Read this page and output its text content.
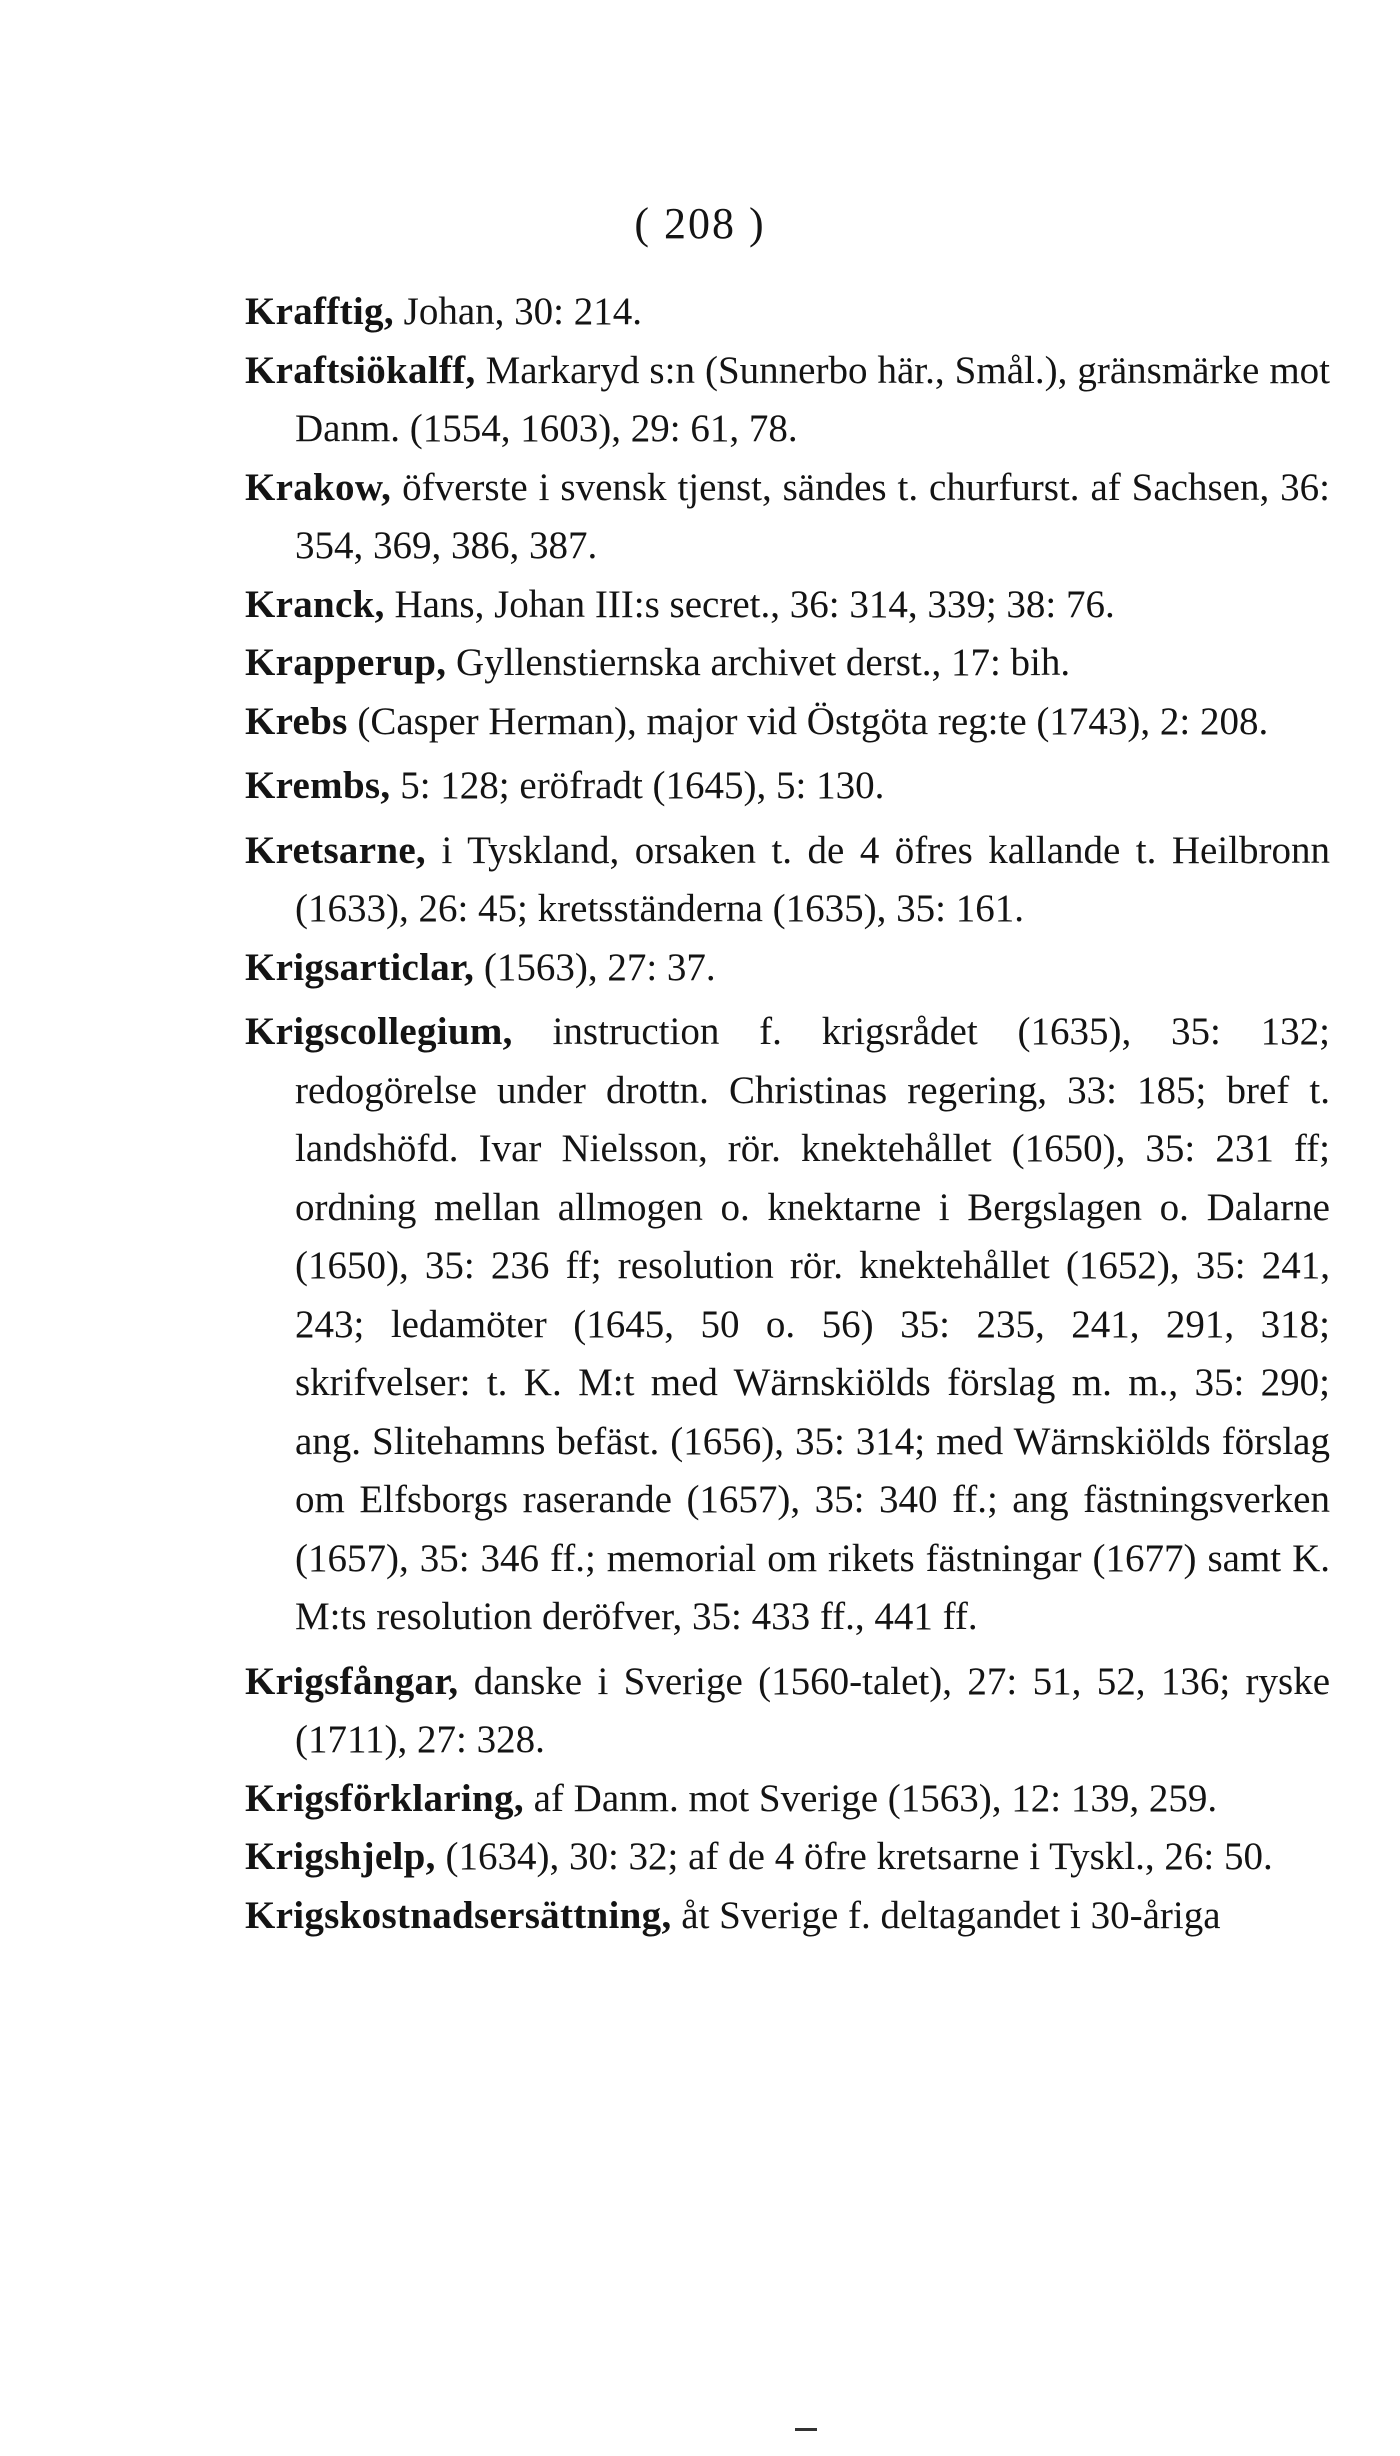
( 208 )

Krafftig, Johan, 30: 214.

Kraftsiökalff, Markaryd s:n (Sunnerbo här., Smål.), gränsmärke mot Danm. (1554, 1603), 29: 61, 78.

Krakow, öfverste i svensk tjenst, sändes t. churfurst. af Sachsen, 36: 354, 369, 386, 387.

Kranck, Hans, Johan III:s secret., 36: 314, 339; 38: 76.

Krapperup, Gyllenstiernska archivet derst., 17: bih.

Krebs (Casper Herman), major vid Östgöta reg:te (1743), 2: 208.

Krembs, 5: 128; eröfradt (1645), 5: 130.

Kretsarne, i Tyskland, orsaken t. de 4 öfres kallande t. Heilbronn (1633), 26: 45; kretsständerna (1635), 35: 161.

Krigsarticlar, (1563), 27: 37.

Krigscollegium, instruction f. krigsrådet (1635), 35: 132; redogörelse under drottn. Christinas regering, 33: 185; bref t. landshöfd. Ivar Nielsson, rör. knektehållet (1650), 35: 231 ff; ordning mellan allmogen o. knektarne i Bergslagen o. Dalarne (1650), 35: 236 ff; resolution rör. knektehållet (1652), 35: 241, 243; ledamöter (1645, 50 o. 56) 35: 235, 241, 291, 318; skrifvelser: t. K. M:t med Wärnskiölds förslag m. m., 35: 290; ang. Slitehamns befäst. (1656), 35: 314; med Wärnskiölds förslag om Elfsborgs raserande (1657), 35: 340 ff.; ang fästningsverken (1657), 35: 346 ff.; memorial om rikets fästningar (1677) samt K. M:ts resolution deröfver, 35: 433 ff., 441 ff.

Krigsfångar, danske i Sverige (1560-talet), 27: 51, 52, 136; ryske (1711), 27: 328.

Krigsförklaring, af Danm. mot Sverige (1563), 12: 139, 259.

Krigshjelp, (1634), 30: 32; af de 4 öfre kretsarne i Tyskl., 26: 50.

Krigskostnadsersättning, åt Sverige f. deltagandet i 30-åriga
